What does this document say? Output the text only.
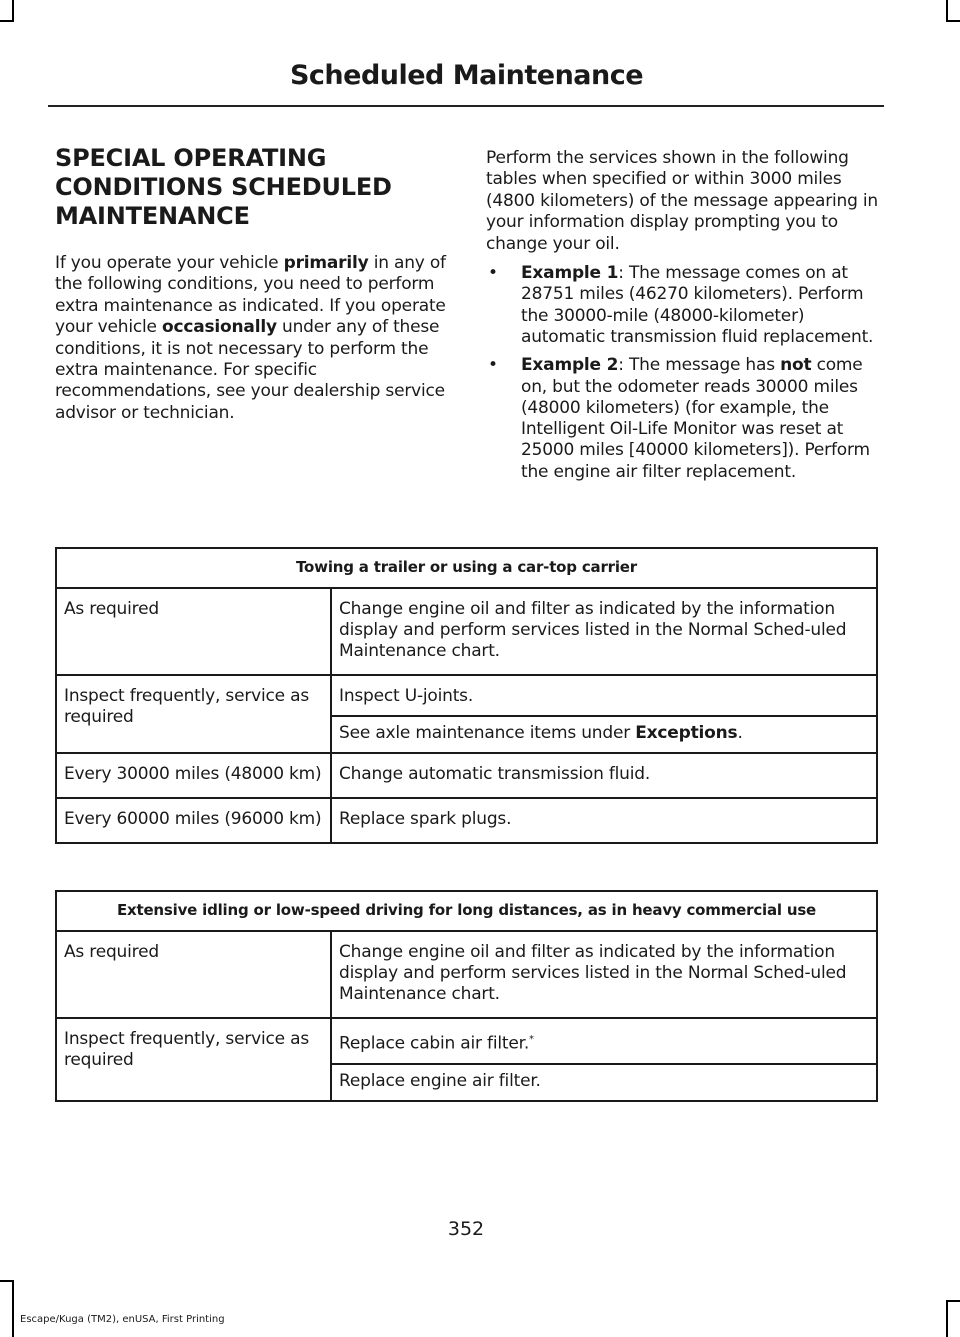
Scheduled Maintenance
SPECIAL OPERATING
CONDITIONS SCHEDULED
MAINTENANCE

If you operate your vehicle primarily in any of the following conditions, you need to perform extra maintenance as indicated. If you operate your vehicle occasionally under any of these conditions, it is not necessary to perform the extra maintenance. For specific recommendations, see your dealership service advisor or technician.

Perform the services shown in the following tables when specified or within 3000 miles (4800 kilometers) of the message appearing in your information display prompting you to change your oil.

• Example 1: The message comes on at 28751 miles (46270 kilometers). Perform the 30000-mile (48000-kilometer) automatic transmission fluid replacement.
• Example 2: The message has not come on, but the odometer reads 30000 miles (48000 kilometers) (for example, the Intelligent Oil-Life Monitor was reset at 25000 miles [40000 kilometers]). Perform the engine air filter replacement.
Towing a trailer or using a car-top carrier	
As required	Change engine oil and filter as indicated by the information display and perform services listed in the Normal Sched-uled Maintenance chart.
Inspect frequently, service as required	Inspect U-joints.
	See axle maintenance items under Exceptions.
Every 30000 miles (48000 km)	Change automatic transmission fluid.
Every 60000 miles (96000 km)	Replace spark plugs.
Extensive idling or low-speed driving for long distances, as in heavy commercial use	
As required	Change engine oil and filter as indicated by the information display and perform services listed in the Normal Sched-uled Maintenance chart.
Inspect frequently, service as required	Replace cabin air filter.*
	Replace engine air filter.
352
Escape/Kuga (TM2), enUSA, First Printing
